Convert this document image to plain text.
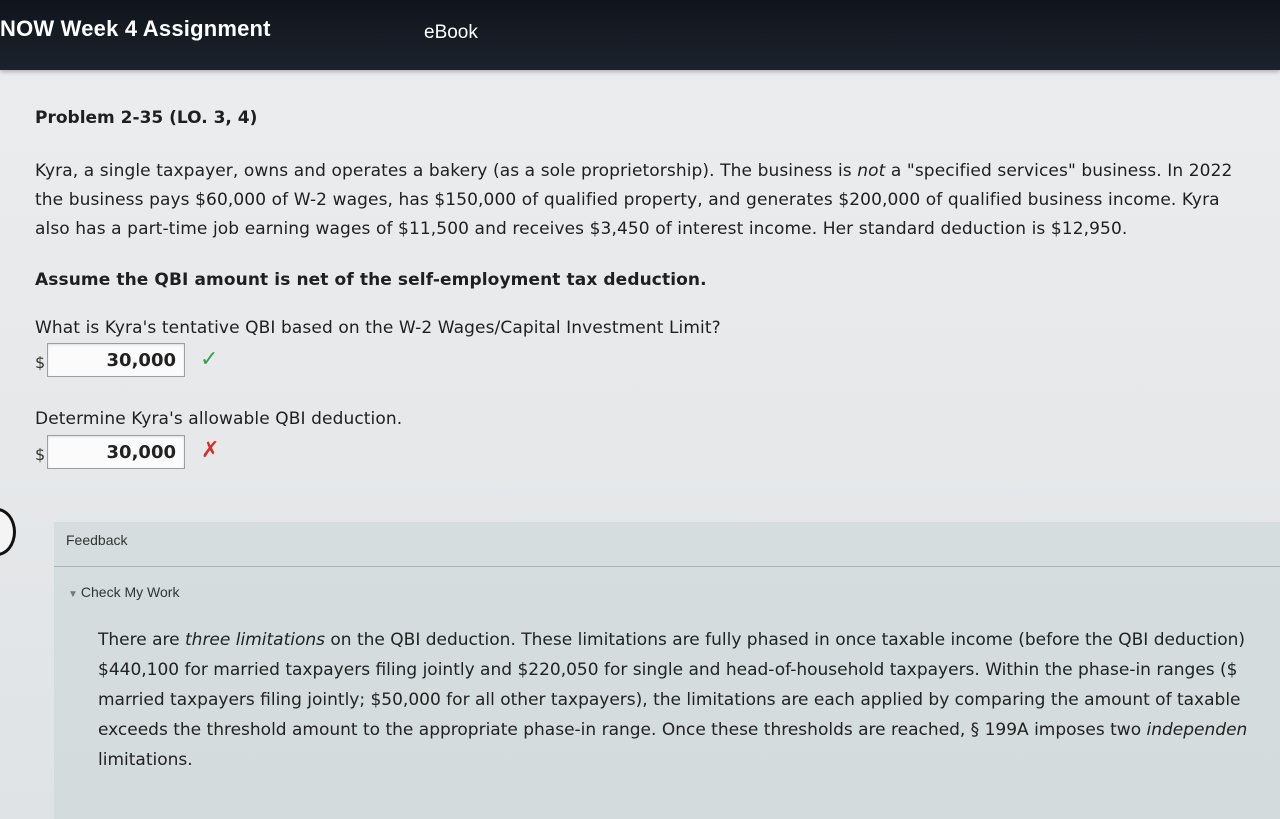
NOW Week 4 Assignment	eBook
Problem 2-35 (LO. 3, 4)
Kyra, a single taxpayer, owns and operates a bakery (as a sole proprietorship). The business is not a "specified services" business. In 2022
the business pays $60,000 of W-2 wages, has $150,000 of qualified property, and generates $200,000 of qualified business income. Kyra
also has a part-time job earning wages of $11,500 and receives $3,450 of interest income. Her standard deduction is $12,950.
Assume the QBI amount is net of the self-employment tax deduction.
What is Kyra's tentative QBI based on the W-2 Wages/Capital Investment Limit?
$
30,000	✓
Determine Kyra's allowable QBI deduction.
$
30,000	✗
Feedback
▼ Check My Work
There are three limitations on the QBI deduction. These limitations are fully phased in once taxable income (before the QBI deduction)
$440,100 for married taxpayers filing jointly and $220,050 for single and head-of-household taxpayers. Within the phase-in ranges ($
married taxpayers filing jointly; $50,000 for all other taxpayers), the limitations are each applied by comparing the amount of taxable
exceeds the threshold amount to the appropriate phase-in range. Once these thresholds are reached, § 199A imposes two independen
limitations.
